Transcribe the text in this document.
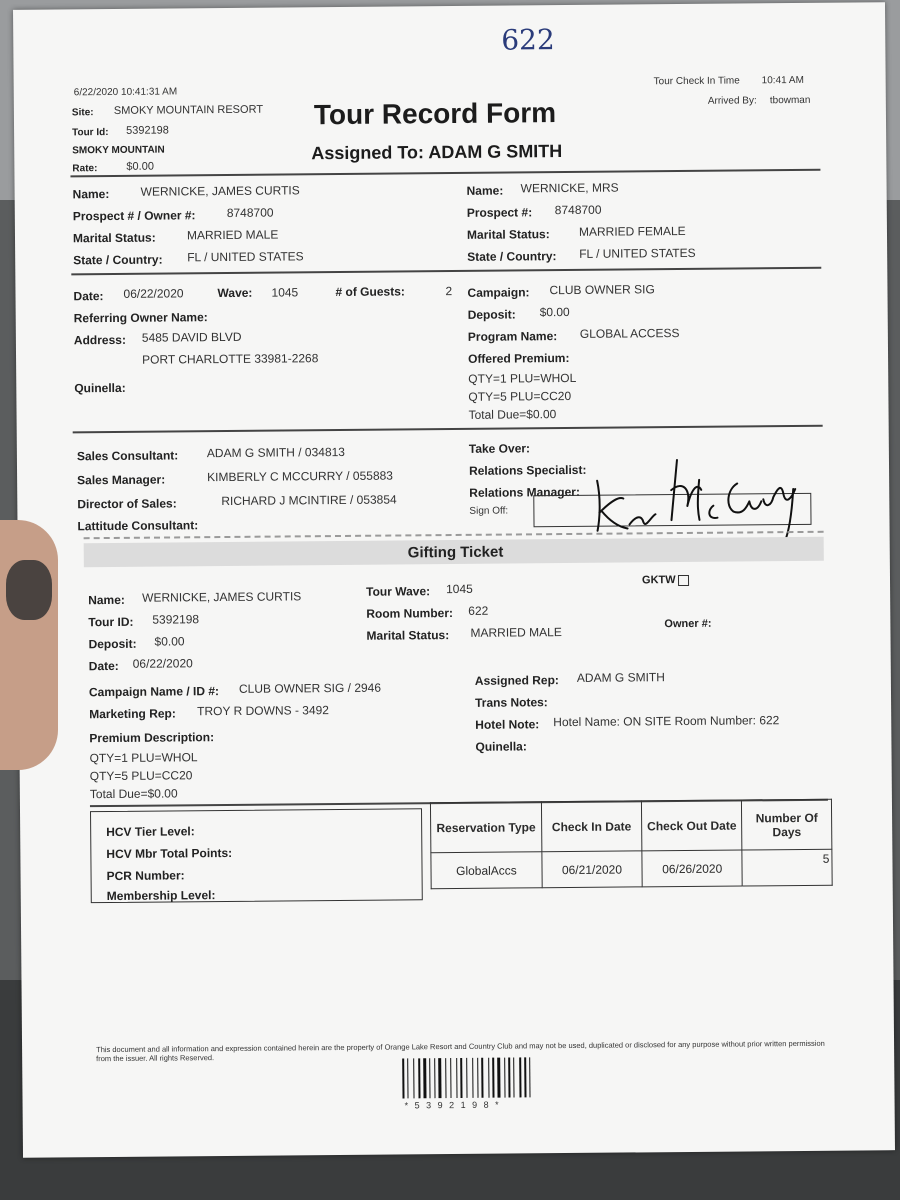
622
6/22/2020 10:41:31 AM
Site: SMOKY MOUNTAIN RESORT
Tour Id: 5392198
SMOKY MOUNTAIN
Rate:	$0.00
Tour Record Form
Assigned To: ADAM G SMITH
Tour Check In Time 10:41 AM
Arrived By: tbowman
Name:	WERNICKE, JAMES CURTIS
Prospect # / Owner #:	8748700
Marital Status:	MARRIED MALE
State / Country: FL / UNITED STATES
Name: WERNICKE, MRS
Prospect #: 8748700
Marital Status: MARRIED FEMALE
State / Country: FL / UNITED STATES
Date: 06/22/2020	Wave: 1045	# of Guests:	2
Referring Owner Name:
Address: 5485 DAVID BLVD
PORT CHARLOTTE 33981-2268
Quinella:
Campaign: CLUB OWNER SIG
Deposit: $0.00
Program Name: GLOBAL ACCESS
Offered Premium:
QTY=1 PLU=WHOL
QTY=5 PLU=CC20
Total Due=$0.00
Sales Consultant: ADAM G SMITH / 034813
Sales Manager:	KIMBERLY C MCCURRY / 055883
Director of Sales:	RICHARD J MCINTIRE / 053854
Lattitude Consultant:
Take Over:
Relations Specialist:
Relations Manager:
Sign Off:
Gifting Ticket
Name: WERNICKE, JAMES CURTIS
Tour ID: 5392198
Deposit: $0.00
Date: 06/22/2020
Tour Wave: 1045
Room Number: 622
Marital Status: MARRIED MALE
GKTW
Owner #:
Campaign Name / ID #: CLUB OWNER SIG / 2946
Marketing Rep: TROY R DOWNS - 3492
Premium Description:
QTY=1 PLU=WHOL
QTY=5 PLU=CC20
Total Due=$0.00
Assigned Rep: ADAM G SMITH
Trans Notes:
Hotel Note: Hotel Name: ON SITE Room Number: 622
Quinella:
HCV Tier Level:
HCV Mbr Total Points:
PCR Number:
Membership Level:
Reservation Type	Check In Date	Check Out Date	Number Of Days
GlobalAccs	06/21/2020	06/26/2020	5
This document and all information and expression contained herein are the property of Orange Lake Resort and Country Club and may not be used, duplicated or disclosed for any purpose without prior written permission from the issuer. All rights Reserved.
* 5 3 9 2 1 9 8 *
